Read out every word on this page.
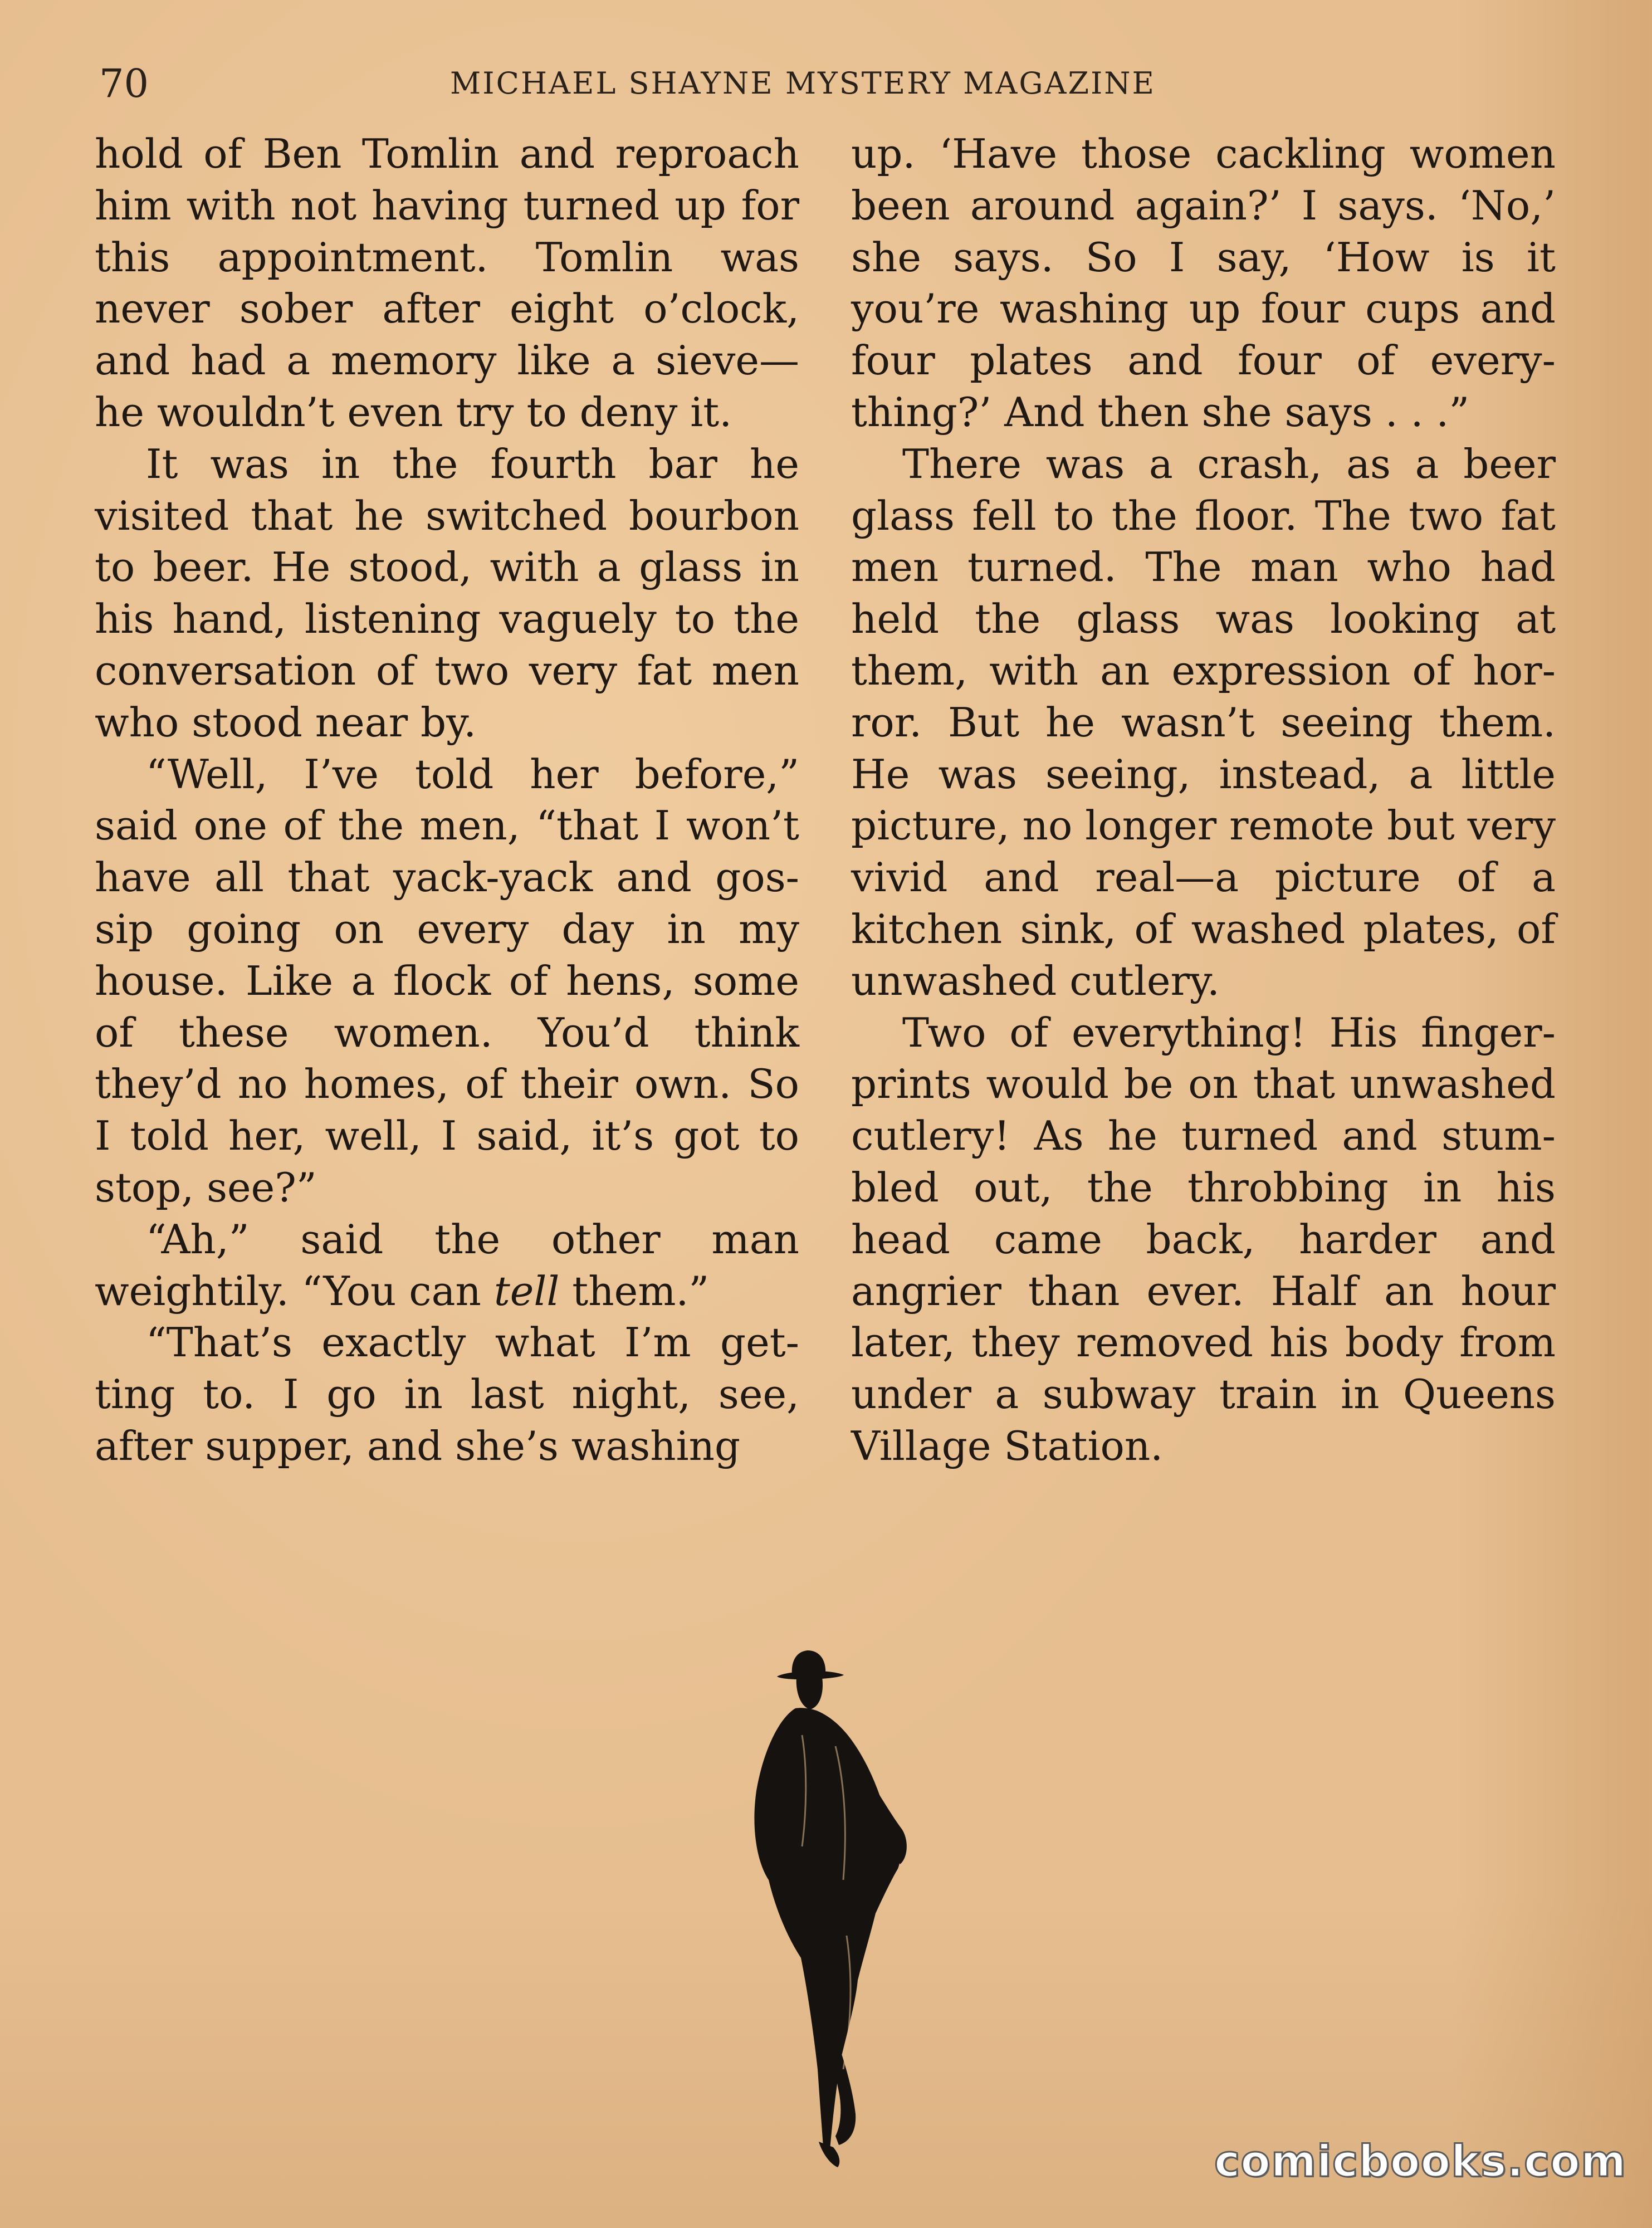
70	MICHAEL SHAYNE MYSTERY MAGAZINE

hold of Ben Tomlin and reproach him with not having turned up for this appointment. Tomlin was never sober after eight o’clock, and had a memory like a sieve— he wouldn’t even try to deny it.

It was in the fourth bar he visited that he switched bourbon to beer. He stood, with a glass in his hand, listening vaguely to the conversation of two very fat men who stood near by.

“Well, I’ve told her before,” said one of the men, “that I won’t have all that yack-yack and gos- sip going on every day in my house. Like a flock of hens, some of these women. You’d think they’d no homes, of their own. So I told her, well, I said, it’s got to stop, see?”

“Ah,” said the other man weightily. “You can tell them.”

“That’s exactly what I’m get- ting to. I go in last night, see, after supper, and she’s washing

up. ‘Have those cackling women been around again?’ I says. ‘No,’ she says. So I say, ‘How is it you’re washing up four cups and four plates and four of every- thing?’ And then she says . . .”

There was a crash, as a beer glass fell to the floor. The two fat men turned. The man who had held the glass was looking at them, with an expression of hor- ror. But he wasn’t seeing them. He was seeing, instead, a little picture, no longer remote but very vivid and real—a picture of a kitchen sink, of washed plates, of unwashed cutlery.

Two of everything! His finger- prints would be on that unwashed cutlery! As he turned and stum- bled out, the throbbing in his head came back, harder and angrier than ever. Half an hour later, they removed his body from under a subway train in Queens Village Station.

comicbooks.com
